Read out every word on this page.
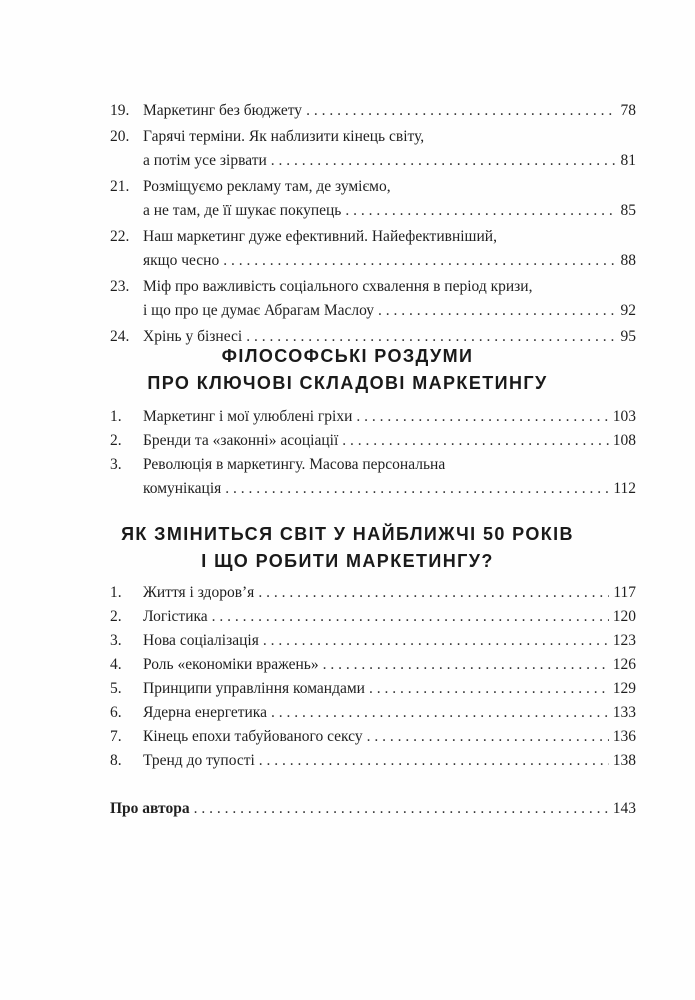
19. Маркетинг без бюджету . . .	78
20. Гарячі терміни. Як наблизити кінець світу,
а потім усе зірвати . . .	81
21. Розміщуємо рекламу там, де зуміємо,
а не там, де її шукає покупець . . .	85
22. Наш маркетинг дуже ефективний. Найефективніший,
якщо чесно . . .	88
23. Міф про важливість соціального схвалення в період кризи,
і що про це думає Абрагам Маслоу . . .	92
24. Хрінь у бізнесі . . .	95
ФІЛОСОФСЬКІ РОЗДУМИ
ПРО КЛЮЧОВІ СКЛАДОВІ МАРКЕТИНГУ
1. Маркетинг і мої улюблені гріхи . . .	103
2. Бренди та «законні» асоціації . . .	108
3. Революція в маркетингу. Масова персональна
комунікація . . .	112
ЯК ЗМІНИТЬСЯ СВІТ У НАЙБЛИЖЧІ 50 РОКІВ
І ЩО РОБИТИ МАРКЕТИНГУ?
1. Життя і здоров’я . . .	117
2. Логістика . . .	120
3. Нова соціалізація . . .	123
4. Роль «економіки вражень» . . .	126
5. Принципи управління командами . . .	129
6. Ядерна енергетика . . .	133
7. Кінець епохи табуйованого сексу . . .	136
8. Тренд до тупості . . .	138
Про автора . . .	143
